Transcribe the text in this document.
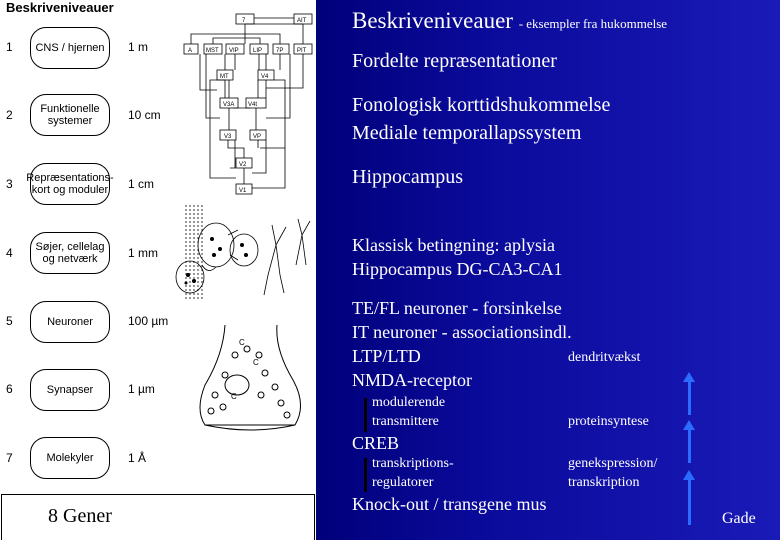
Beskriveniveauer
1	CNS / hjernen	1 m
2	Funktionelle systemer	10 cm
3 Repræsentations-kort og moduler 1 cm
4	Søjer, cellelag og netværk	1 mm
5	Neuroner	100 µm
6	Synapser	1 µm
7	Molekyler	1 Å
7	AIT
A MST VIP LIP 7P PIT
MT	V4
V3A V4t
V3	VP
V2
V1
C
C
C
8 Gener
Beskriveniveauer - eksempler fra hukommelse
Fordelte repræsentationer
Fonologisk korttidshukommelse
Mediale temporallapssystem
Hippocampus
Klassisk betingning: aplysia
Hippocampus DG-CA3-CA1
TE/FL neuroner - forsinkelse
IT neuroner - associationsindl.
LTP/LTD
NMDA-receptor
dendritvækst
modulerende
transmittere	proteinsyntese
CREB
transkriptions-
regulatorer
genekspression/
transkription
Knock-out / transgene mus
Gade
